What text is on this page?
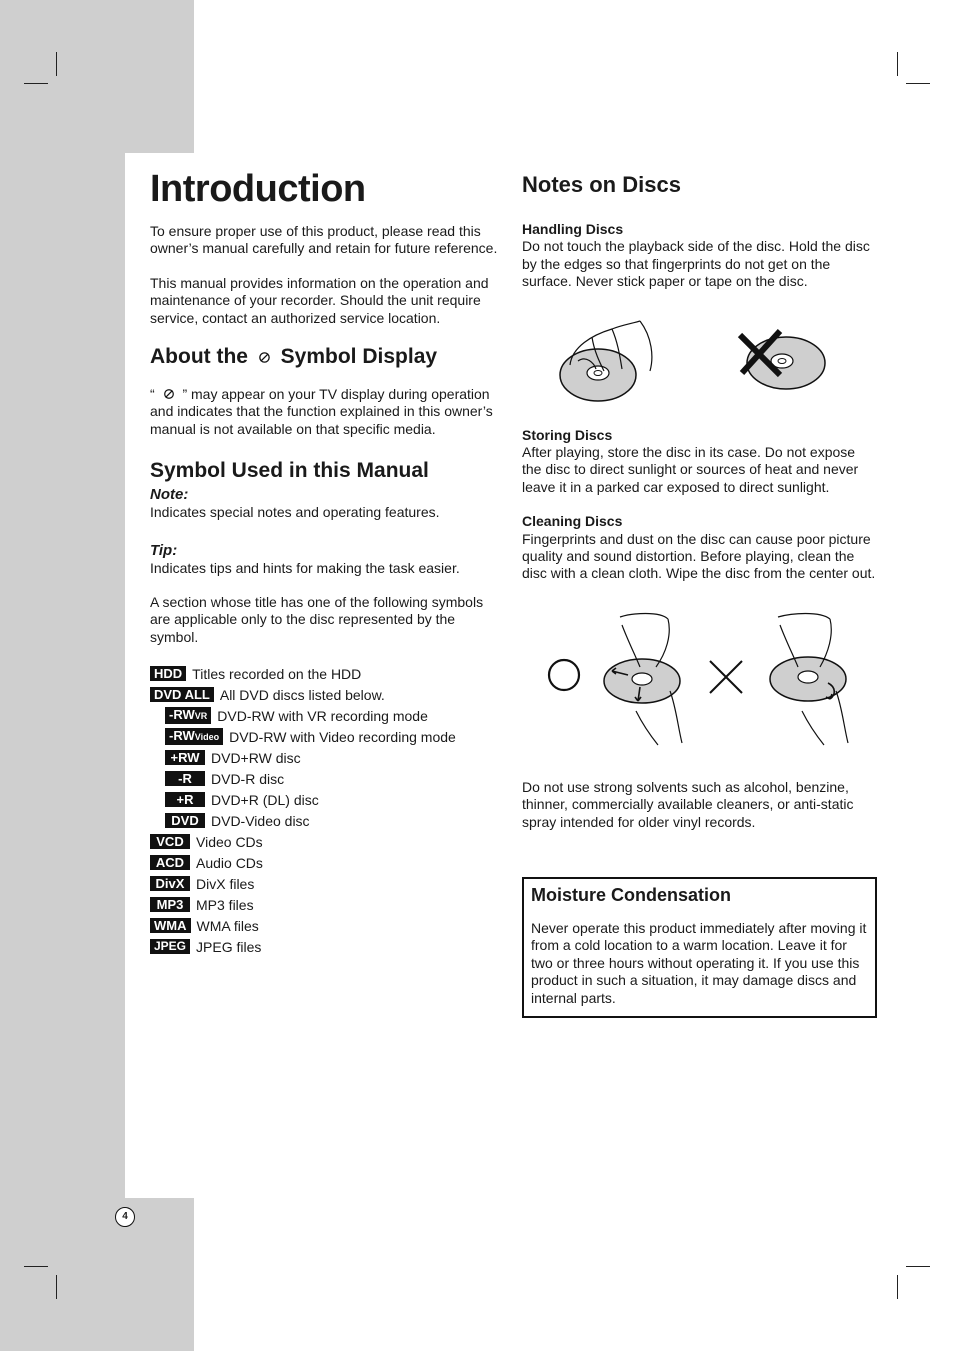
Introduction

To ensure proper use of this product, please read this owner’s manual carefully and retain for future reference.

This manual provides information on the operation and maintenance of your recorder. Should the unit require service, contact an authorized service location.

About the Symbol Display

“  ” may appear on your TV display during operation and indicates that the function explained in this owner’s manual is not available on that specific media.

Symbol Used in this Manual

Note:

Indicates special notes and operating features.

Tip:

Indicates tips and hints for making the task easier.

A section whose title has one of the following symbols are applicable only to the disc represented by the symbol.

HDD Titles recorded on the HDD
DVD ALL All DVD discs listed below.
-RWVR DVD-RW with VR recording mode
-RWVideo DVD-RW with Video recording mode
+RW DVD+RW disc
-R	DVD-R disc
+R	DVD+R (DL) disc
DVD DVD-Video disc
VCD Video CDs
ACD Audio CDs
DivX DivX files
MP3 MP3 files
WMA WMA files
JPEG JPEG files
Notes on Discs

Handling Discs

Do not touch the playback side of the disc. Hold the disc by the edges so that fingerprints do not get on the surface. Never stick paper or tape on the disc.

Storing Discs

After playing, store the disc in its case. Do not expose the disc to direct sunlight or sources of heat and never leave it in a parked car exposed to direct sunlight.

Cleaning Discs

Fingerprints and dust on the disc can cause poor picture quality and sound distortion. Before playing, clean the disc with a clean cloth. Wipe the disc from the center out.

Do not use strong solvents such as alcohol, benzine, thinner, commercially available cleaners, or anti-static spray intended for older vinyl records.

Moisture Condensation

Never operate this product immediately after moving it from a cold location to a warm location. Leave it for two or three hours without operating it. If you use this product in such a situation, it may damage discs and internal parts.

4
